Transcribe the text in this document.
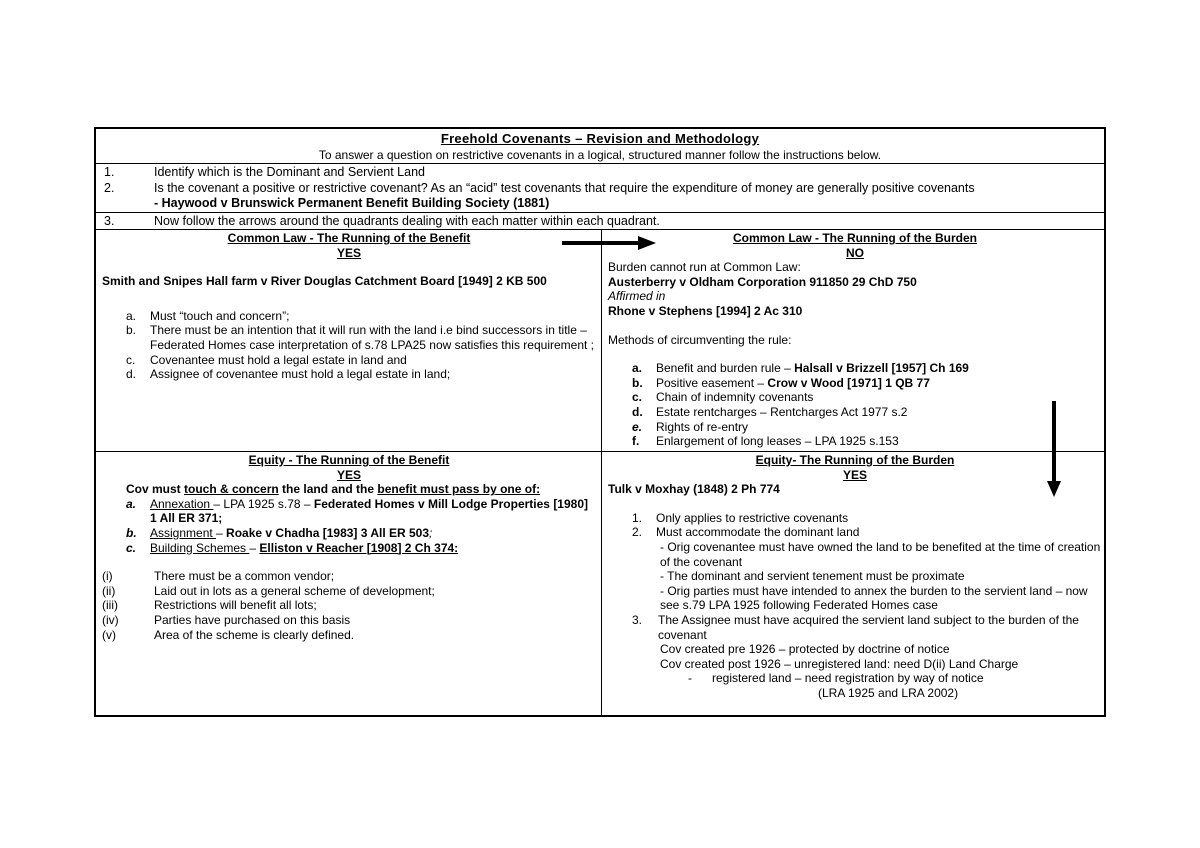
Freehold Covenants – Revision and Methodology
To answer a question on restrictive covenants in a logical, structured manner follow the instructions below.
1.	Identify which is the Dominant and Servient Land
2.	Is the covenant a positive or restrictive covenant? As an “acid” test covenants that require the expenditure of money are generally positive covenants
- Haywood v Brunswick Permanent Benefit Building Society (1881)
3.	Now follow the arrows around the quadrants dealing with each matter within each quadrant.
Common Law - The Running of the Benefit
YES
Smith and Snipes Hall farm v River Douglas Catchment Board [1949] 2 KB 500
a. Must “touch and concern”;
b. There must be an intention that it will run with the land i.e bind successors in title – Federated Homes case interpretation of s.78 LPA25 now satisfies this requirement ;
c. Covenantee must hold a legal estate in land and
d. Assignee of covenantee must hold a legal estate in land;
Common Law - The Running of the Burden
NO
Burden cannot run at Common Law:
Austerberry v Oldham Corporation 911850 29 ChD 750
Affirmed in
Rhone v Stephens [1994] 2 Ac 310
Methods of circumventing the rule:
a. Benefit and burden rule – Halsall v Brizzell [1957] Ch 169
b. Positive easement – Crow v Wood [1971] 1 QB 77
c. Chain of indemnity covenants
d. Estate rentcharges – Rentcharges Act 1977 s.2
e. Rights of re-entry
f. Enlargement of long leases – LPA 1925 s.153
Equity - The Running of the Benefit
YES
Cov must touch & concern the land and the benefit must pass by one of:
a. Annexation – LPA 1925 s.78 – Federated Homes v Mill Lodge Properties [1980] 1 All ER 371;
b. Assignment – Roake v Chadha [1983] 3 All ER 503;
c. Building Schemes – Elliston v Reacher [1908] 2 Ch 374:
(i)	There must be a common vendor;
(ii)	Laid out in lots as a general scheme of development;
(iii)	Restrictions will benefit all lots;
(iv)	Parties have purchased on this basis
(v)	Area of the scheme is clearly defined.
Equity- The Running of the Burden
YES
Tulk v Moxhay (1848) 2 Ph 774
1. Only applies to restrictive covenants
2. Must accommodate the dominant land
- Orig covenantee must have owned the land to be benefited at the time of creation of the covenant
- The dominant and servient tenement must be proximate
- Orig parties must have intended to annex the burden to the servient land – now see s.79 LPA 1925 following Federated Homes case
3. The Assignee must have acquired the servient land subject to the burden of the covenant
Cov created pre 1926 – protected by doctrine of notice
Cov created post 1926 – unregistered land: need D(ii) Land Charge
- registered land – need registration by way of notice
(LRA 1925 and LRA 2002)
